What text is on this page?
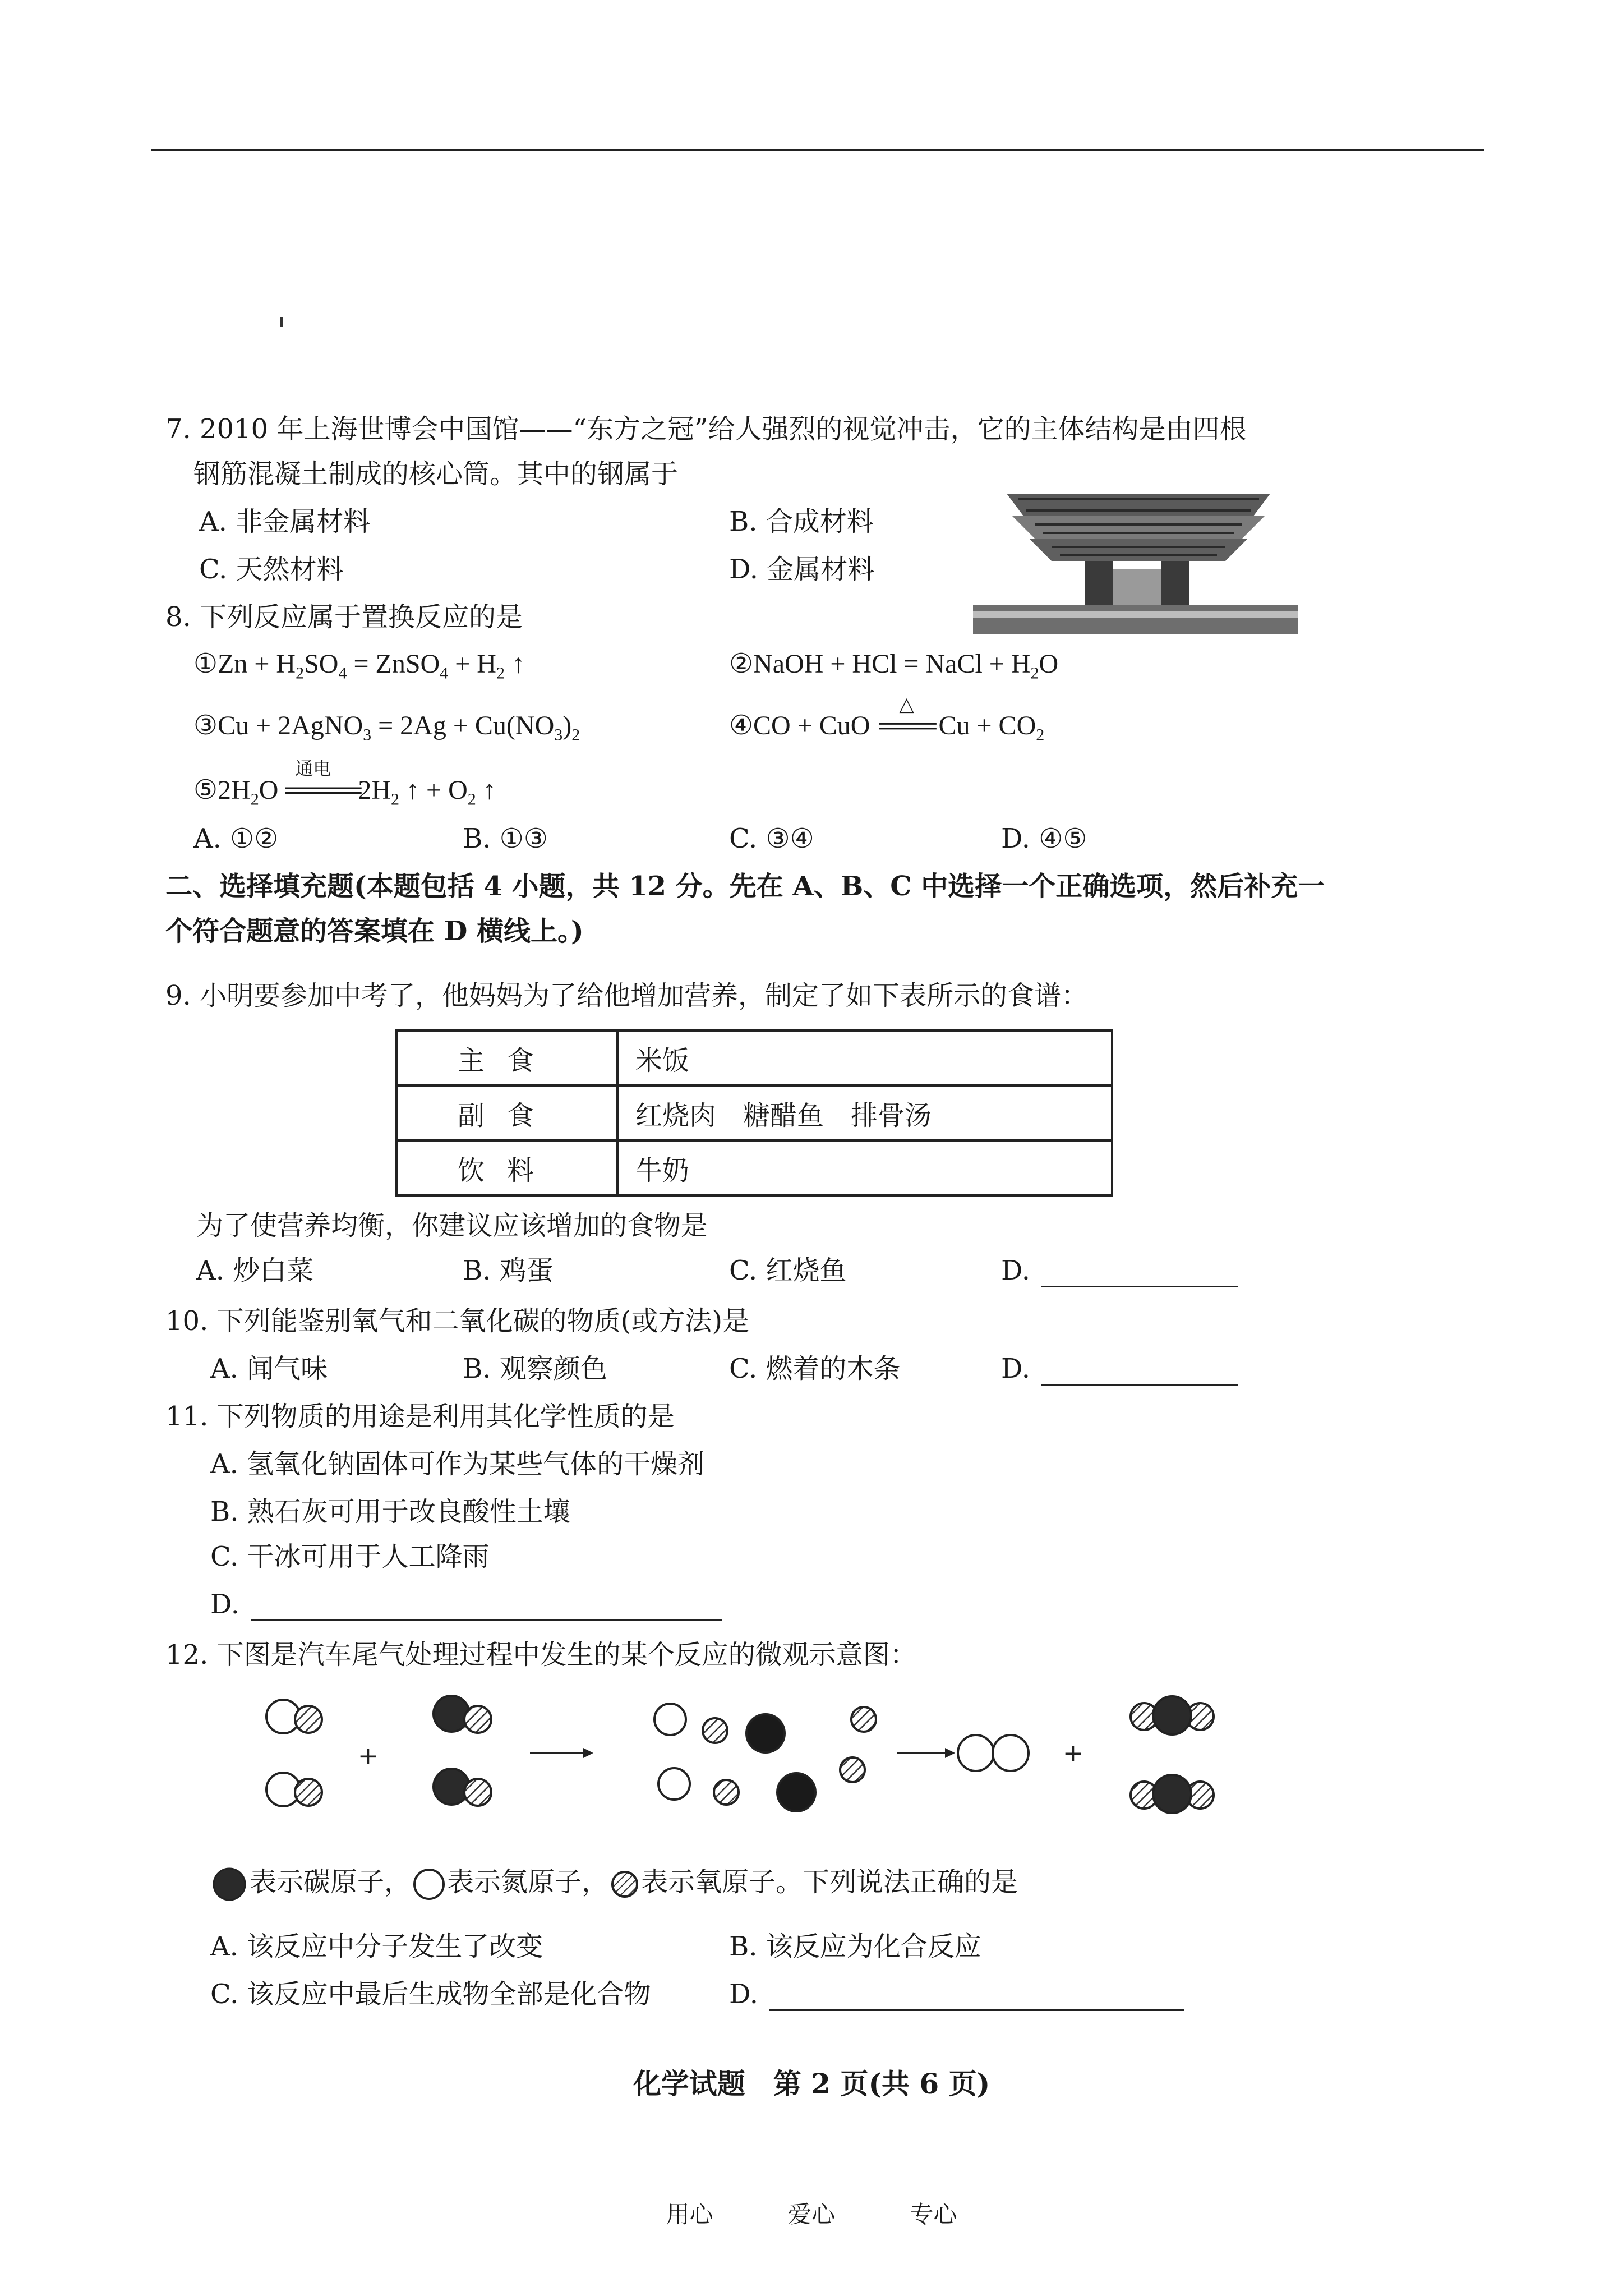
7. 2010 年上海世博会中国馆——“东方之冠”给人强烈的视觉冲击，它的主体结构是由四根
钢筋混凝土制成的核心筒。其中的钢属于
A. 非金属材料	B. 合成材料
C. 天然材料	D. 金属材料
8. 下列反应属于置换反应的是
①Zn + $H_2SO_4$ = ZnSO$_4$ + $H_2$ ↑	②NaOH + HCl = NaCl + $H_2O$
③Cu + 2AgNO$_3$ = $2Ag + Cu(NO_3)_2$	④CO + CuO
△
═══Cu + $CO_2$
$⑤2H_2O$
通电
$════2H_2$ ↑ + $O_2$ ↑
A. ①②	B. ①③	C. ③④	D. ④⑤
二、选择填充题(本题包括 4 小题，共 12 分。先在 A、B、C 中选择一个正确选项，然后补充一
个符合题意的答案填在 D 横线上。)
9. 小明要参加中考了，他妈妈为了给他增加营养，制定了如下表所示的食谱：
主食	米饭
副食	红烧肉　糖醋鱼　排骨汤
饮料	牛奶
为了使营养均衡，你建议应该增加的食物是
A. 炒白菜	B. 鸡蛋	C. 红烧鱼	D.
10. 下列能鉴别氧气和二氧化碳的物质(或方法)是
A. 闻气味	B. 观察颜色	C. 燃着的木条	D.
11. 下列物质的用途是利用其化学性质的是
A. 氢氧化钠固体可作为某些气体的干燥剂
B. 熟石灰可用于改良酸性土壤
C. 干冰可用于人工降雨
D.
12. 下图是汽车尾气处理过程中发生的某个反应的微观示意图：
+	+
表示碳原子， 表示氮原子， 表示氧原子。下列说法正确的是
A. 该反应中分子发生了改变	B. 该反应为化合反应
C. 该反应中最后生成物全部是化合物	D.
化学试题　第 2 页(共 6 页)
用心	爱心	专心
